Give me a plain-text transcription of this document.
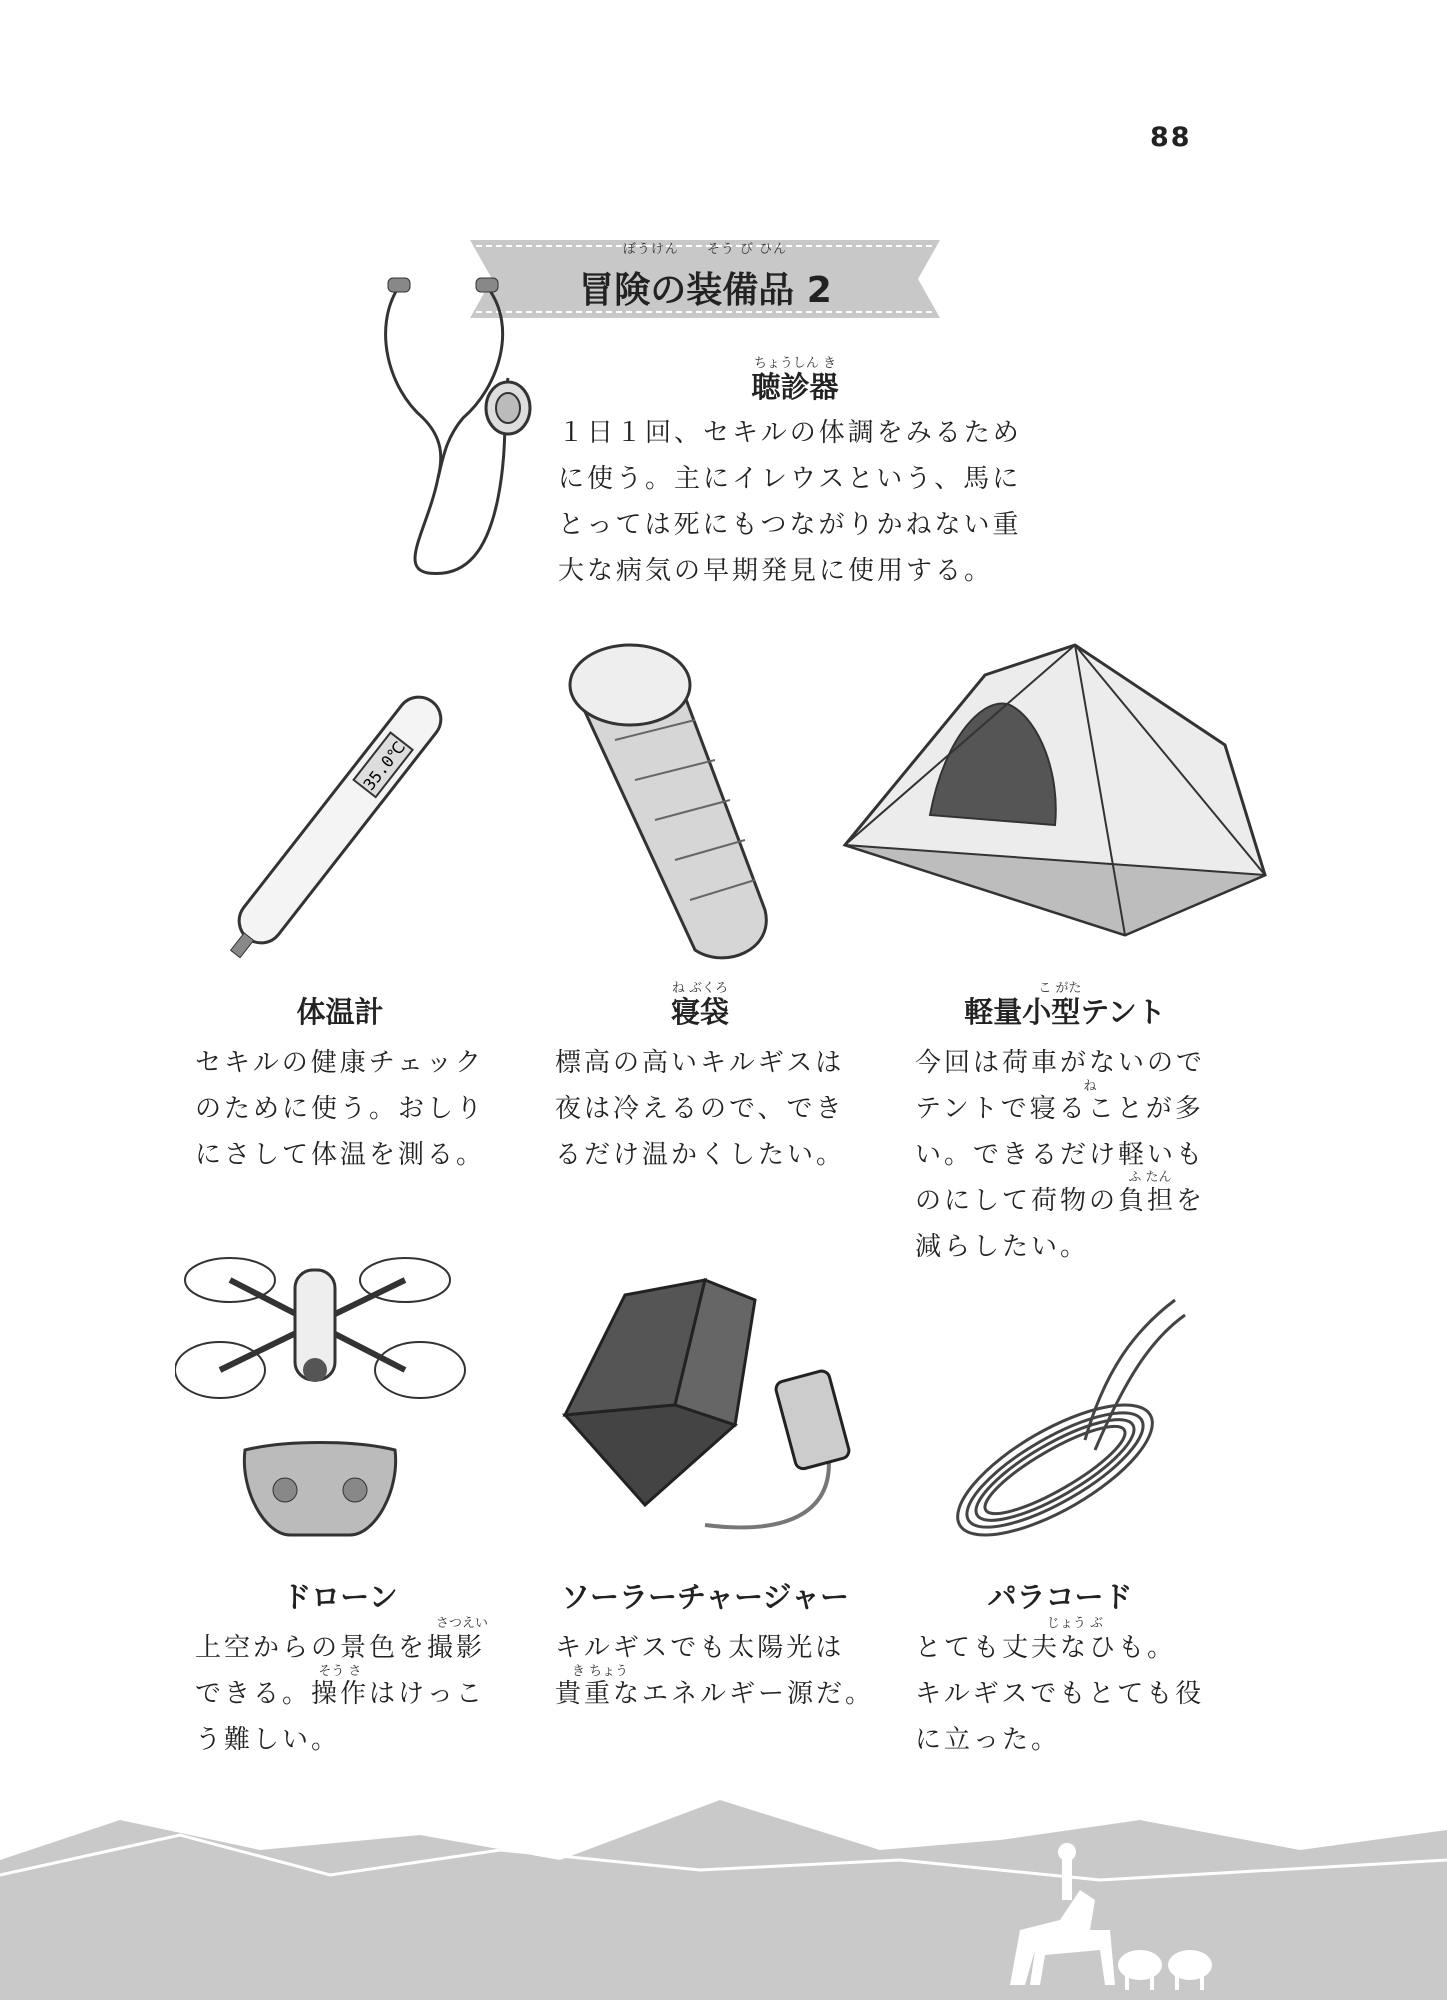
88
ぼうけん　　そう び ひん
冒険の装備品 2
ちょうしん き
聴診器
１日１回、セキルの体調をみるため
に使う。主にイレウスという、馬に
とっては死にもつながりかねない重
大な病気の早期発見に使用する。
35.0℃
体温計
セキルの健康チェック
のために使う。おしり
にさして体温を測る。
ね ぶくろ
寝袋
標高の高いキルギスは
夜は冷えるので、でき
るだけ温かくしたい。
こ がた
軽量小型テント
ね
ふ たん
今回は荷車がないので
テントで寝ることが多
い。できるだけ軽いも
のにして荷物の負担を
減らしたい。
ドローン
さつえい
そう さ
上空からの景色を撮影
できる。操作はけっこ
う難しい。
ソーラーチャージャー
き ちょう
キルギスでも太陽光は
貴重なエネルギー源だ。
パラコード
じょう ぶ
とても丈夫なひも。
キルギスでもとても役
に立った。
